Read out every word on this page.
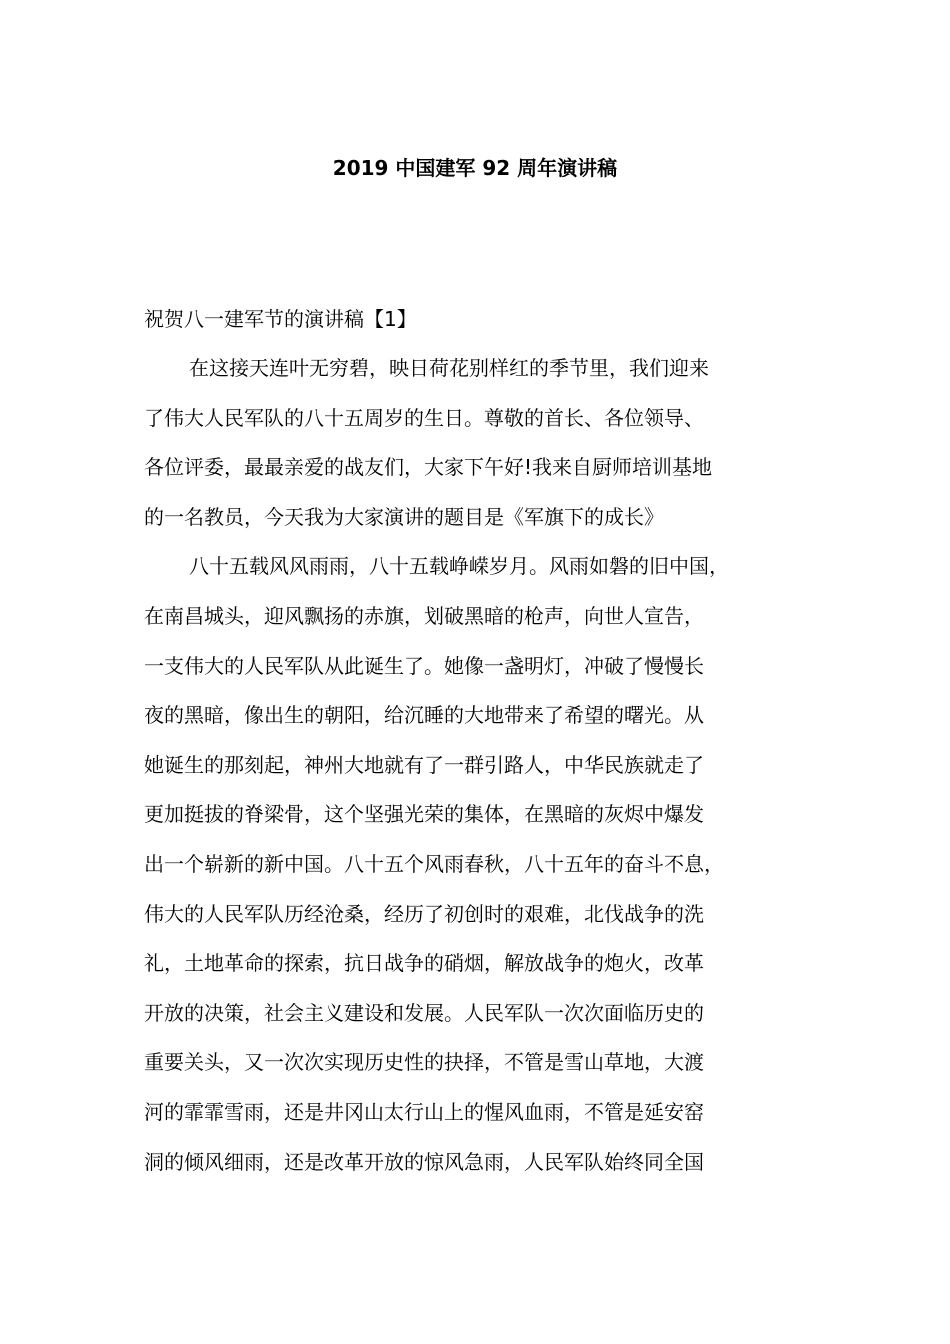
2019 中国建军 92 周年演讲稿
祝贺八一建军节的演讲稿【1】
在这接天连叶无穷碧，映日荷花别样红的季节里，我们迎来
了伟大人民军队的八十五周岁的生日。尊敬的首长、各位领导、
各位评委，最最亲爱的战友们，大家下午好!我来自厨师培训基地
的一名教员，今天我为大家演讲的题目是《军旗下的成长》
八十五载风风雨雨，八十五载峥嵘岁月。风雨如磐的旧中国，
在南昌城头，迎风飘扬的赤旗，划破黑暗的枪声，向世人宣告，
一支伟大的人民军队从此诞生了。她像一盏明灯，冲破了慢慢长
夜的黑暗，像出生的朝阳，给沉睡的大地带来了希望的曙光。从
她诞生的那刻起，神州大地就有了一群引路人，中华民族就走了
更加挺拔的脊梁骨，这个坚强光荣的集体，在黑暗的灰烬中爆发
出一个崭新的新中国。八十五个风雨春秋，八十五年的奋斗不息，
伟大的人民军队历经沧桑，经历了初创时的艰难，北伐战争的洗
礼，土地革命的探索，抗日战争的硝烟，解放战争的炮火，改革
开放的决策，社会主义建设和发展。人民军队一次次面临历史的
重要关头，又一次次实现历史性的抉择，不管是雪山草地，大渡
河的霏霏雪雨，还是井冈山太行山上的惺风血雨，不管是延安窑
洞的倾风细雨，还是改革开放的惊风急雨，人民军队始终同全国
